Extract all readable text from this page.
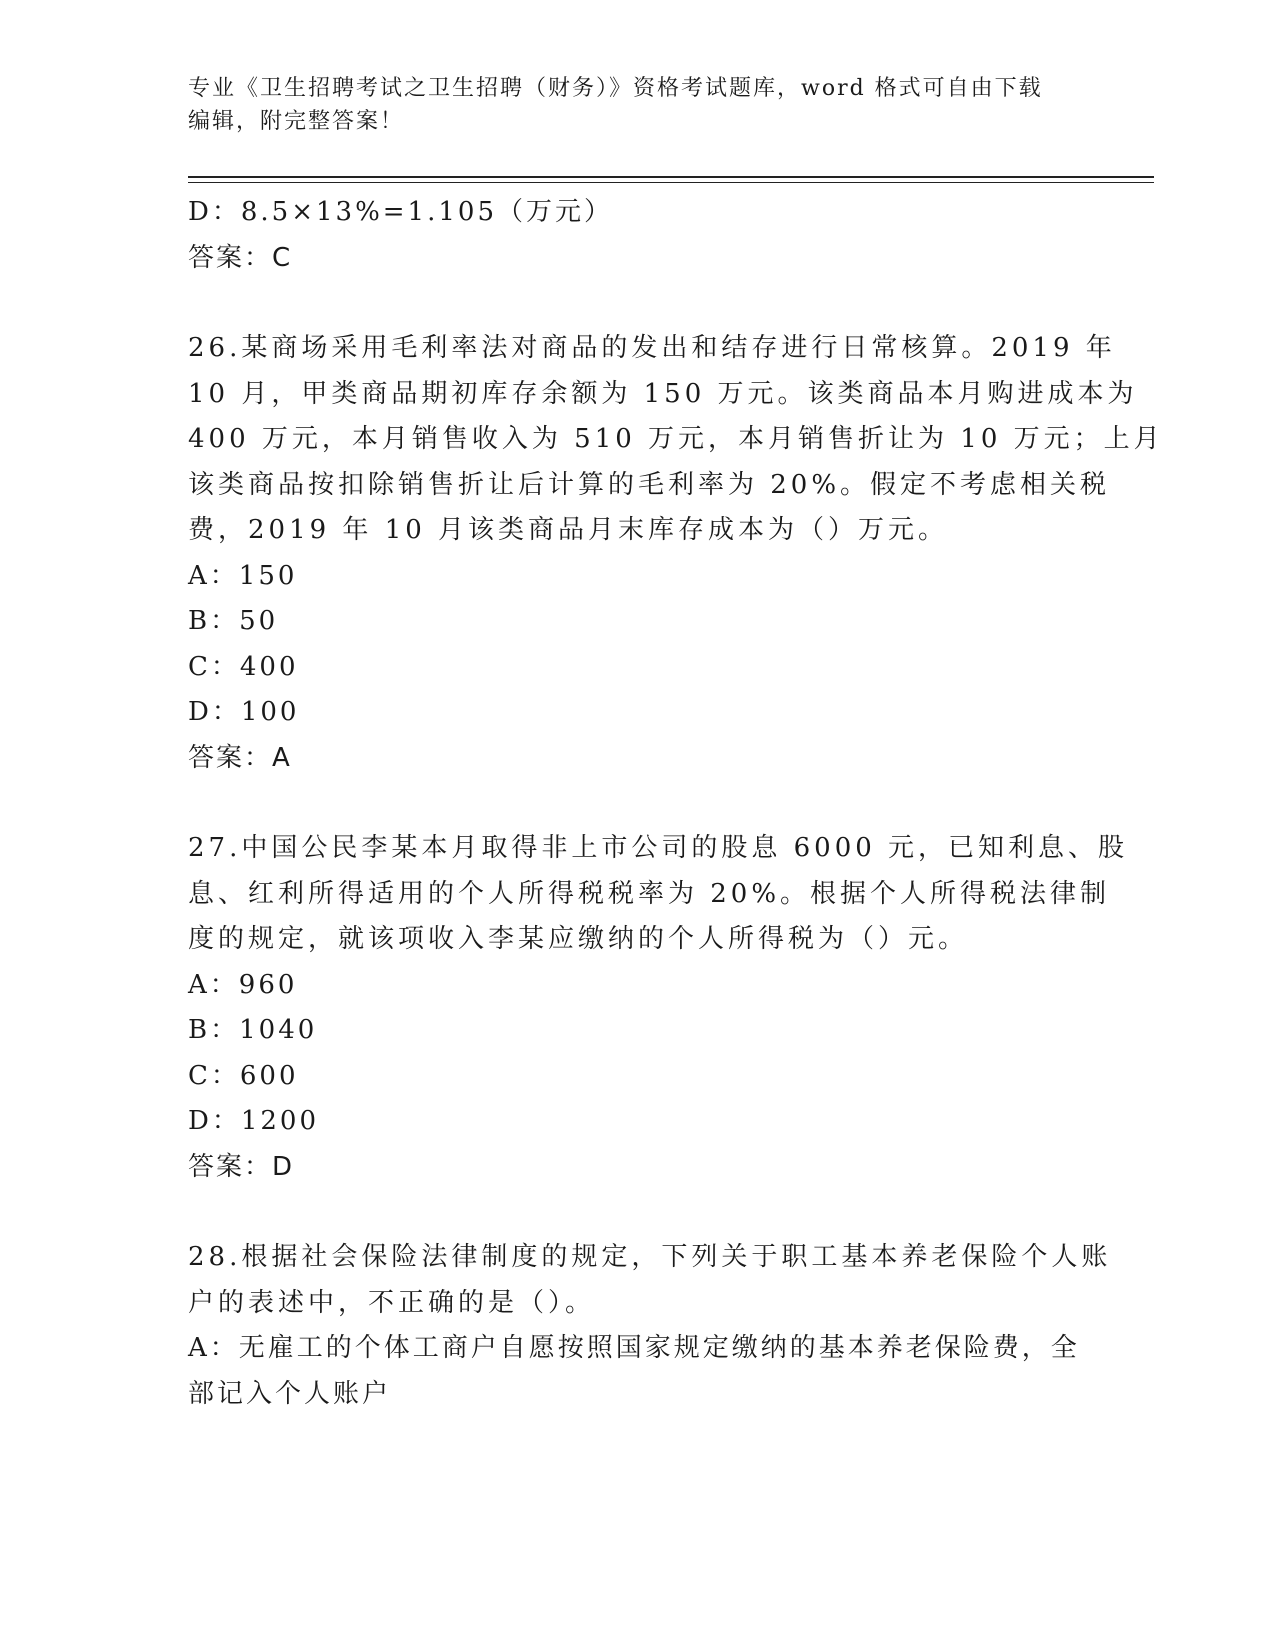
专业《卫生招聘考试之卫生招聘（财务）》资格考试题库，word 格式可自由下载
编辑，附完整答案！
D：8.5×13%=1.105（万元）
答案：C
26.某商场采用毛利率法对商品的发出和结存进行日常核算。2019 年
10 月，甲类商品期初库存余额为 150 万元。该类商品本月购进成本为
400 万元，本月销售收入为 510 万元，本月销售折让为 10 万元；上月
该类商品按扣除销售折让后计算的毛利率为 20%。假定不考虑相关税
费，2019 年 10 月该类商品月末库存成本为（）万元。
A：150
B：50
C：400
D：100
答案：A
27.中国公民李某本月取得非上市公司的股息 6000 元，已知利息、股
息、红利所得适用的个人所得税税率为 20%。根据个人所得税法律制
度的规定，就该项收入李某应缴纳的个人所得税为（）元。
A：960
B：1040
C：600
D：1200
答案：D
28.根据社会保险法律制度的规定，下列关于职工基本养老保险个人账
户的表述中，不正确的是（）。
A：无雇工的个体工商户自愿按照国家规定缴纳的基本养老保险费，全
部记入个人账户
